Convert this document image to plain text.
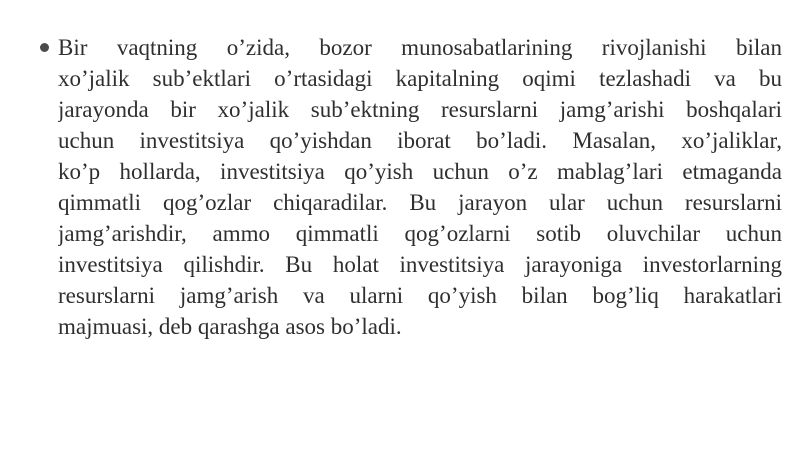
Bir vaqtning o’zida, bozor munosabatlarining rivojlanishi bilan
xo’jalik sub’ektlari o’rtasidagi kapitalning oqimi tezlashadi va bu
jarayonda bir xo’jalik sub’ektning resurslarni jamg’arishi boshqalari
uchun investitsiya qo’yishdan iborat bo’ladi. Masalan, xo’jaliklar,
ko’p hollarda, investitsiya qo’yish uchun o’z mablag’lari etmaganda
qimmatli qog’ozlar chiqaradilar. Bu jarayon ular uchun resurslarni
jamg’arishdir, ammo qimmatli qog’ozlarni sotib oluvchilar uchun
investitsiya qilishdir. Bu holat investitsiya jarayoniga investorlarning
resurslarni jamg’arish va ularni qo’yish bilan bog’liq harakatlari
majmuasi, deb qarashga asos bo’ladi.
